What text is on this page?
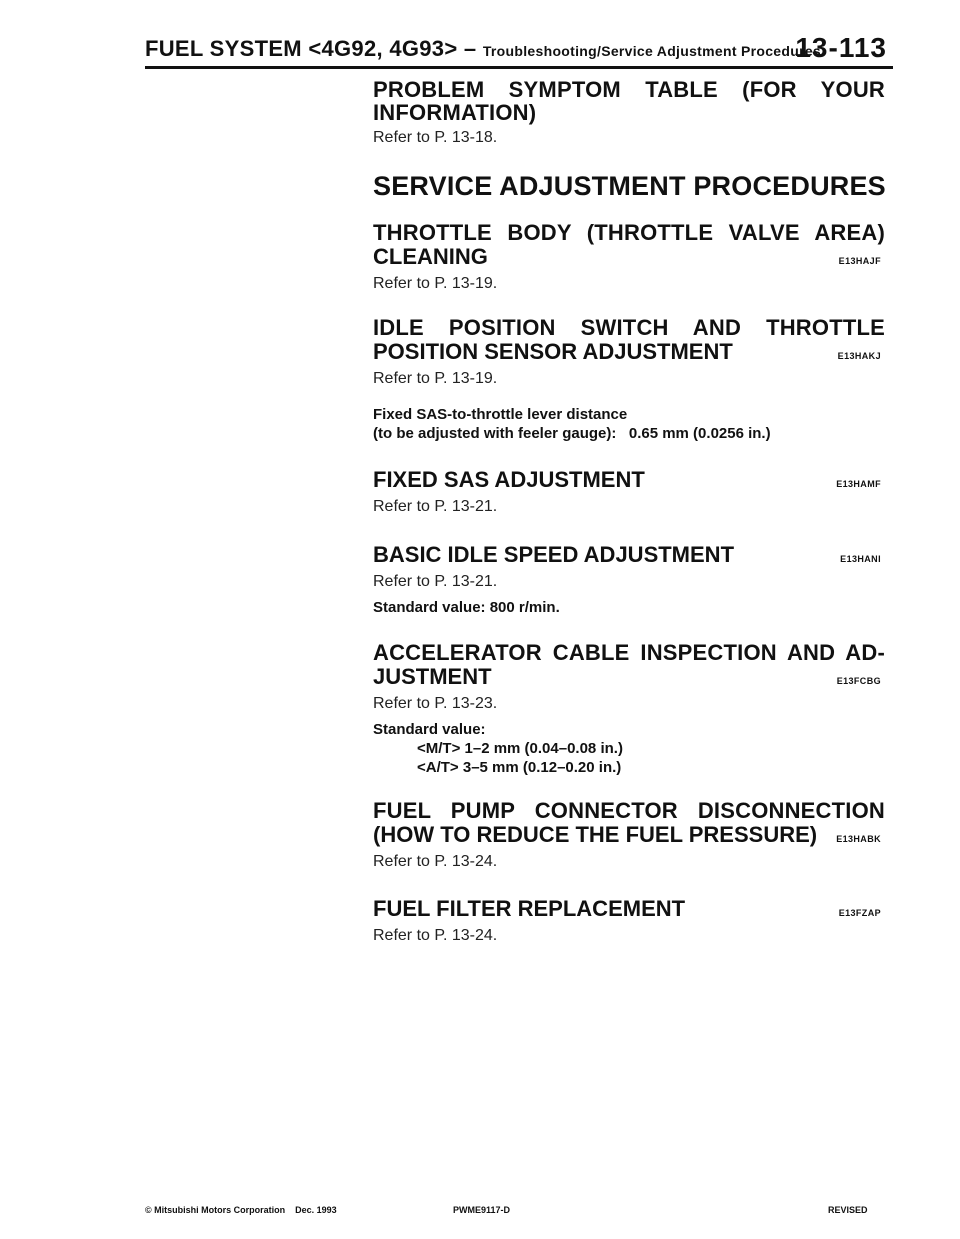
FUEL SYSTEM <4G92, 4G93> – Troubleshooting/Service Adjustment Procedures
13-113
PROBLEM SYMPTOM TABLE (FOR YOUR
INFORMATION)

Refer to P. 13-18.

SERVICE ADJUSTMENT PROCEDURES
THROTTLE BODY (THROTTLE VALVE AREA)
CLEANING	E13HAJF

Refer to P. 13-19.

IDLE POSITION SWITCH AND THROTTLE
POSITION SENSOR ADJUSTMENT	E13HAKJ

Refer to P. 13-19.

Fixed SAS-to-throttle lever distance

(to be adjusted with feeler gauge):   0.65 mm (0.0256 in.)

FIXED SAS ADJUSTMENT	E13HAMF

Refer to P. 13-21.

BASIC IDLE SPEED ADJUSTMENT	E13HANI

Refer to P. 13-21.

Standard value: 800 r/min.

ACCELERATOR CABLE INSPECTION AND AD-
JUSTMENT	E13FCBG

Refer to P. 13-23.

Standard value:

<M/T> 1–2 mm (0.04–0.08 in.)

<A/T> 3–5 mm (0.12–0.20 in.)

FUEL PUMP CONNECTOR DISCONNECTION
(HOW TO REDUCE THE FUEL PRESSURE) E13HABK

Refer to P. 13-24.

FUEL FILTER REPLACEMENT	E13FZAP

Refer to P. 13-24.

© Mitsubishi Motors Corporation    Dec. 1993	PWME9117-D	REVISED
